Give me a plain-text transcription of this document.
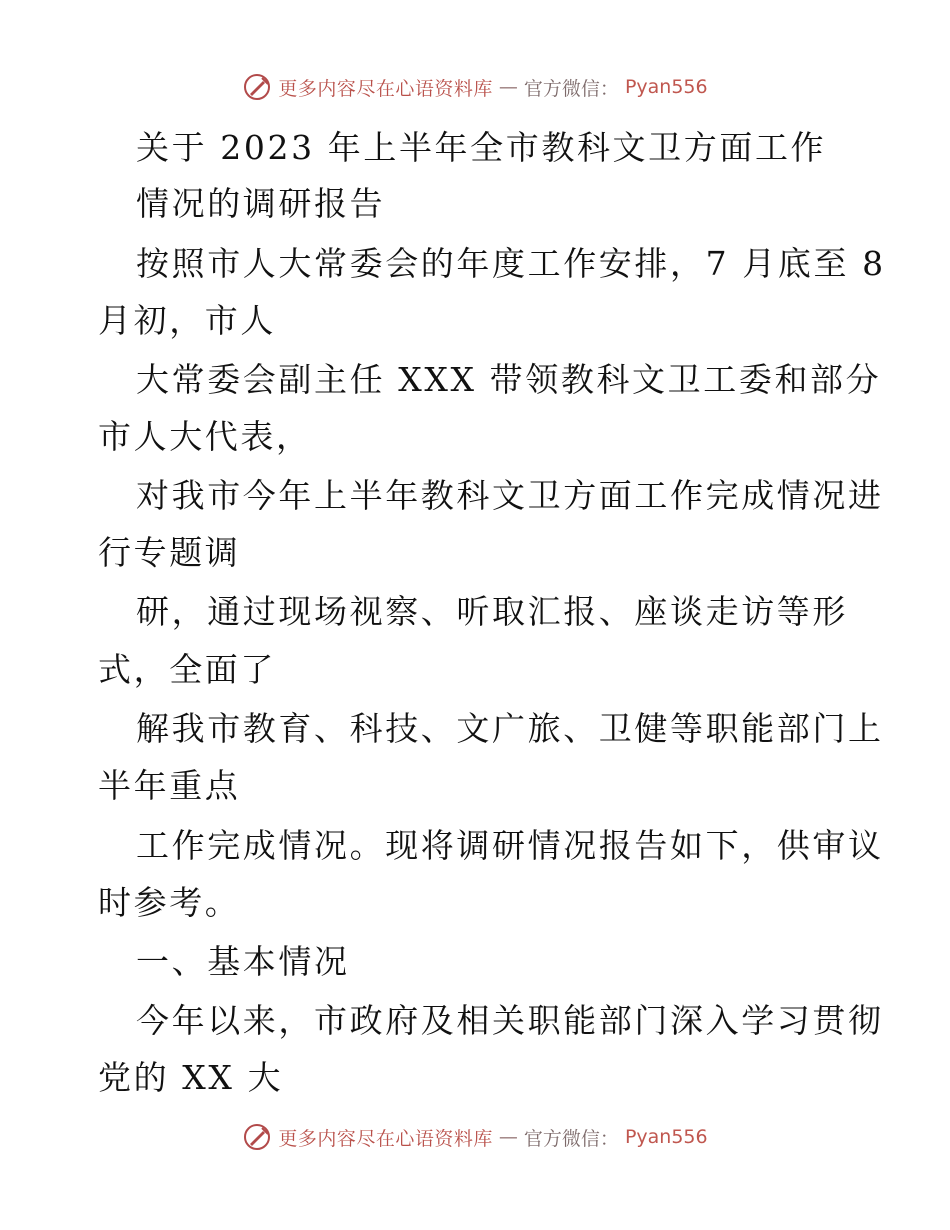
更多内容尽在心语资料库 — 官方微信： Pyan556
关于 2023 年上半年全市教科文卫方面工作
情况的调研报告
按照市人大常委会的年度工作安排，7 月底至 8
月初，市人
大常委会副主任 XXX 带领教科文卫工委和部分
市人大代表，
对我市今年上半年教科文卫方面工作完成情况进
行专题调
研，通过现场视察、听取汇报、座谈走访等形
式，全面了
解我市教育、科技、文广旅、卫健等职能部门上
半年重点
工作完成情况。现将调研情况报告如下，供审议
时参考。
一、基本情况
今年以来，市政府及相关职能部门深入学习贯彻
党的 XX 大
更多内容尽在心语资料库 — 官方微信： Pyan556
